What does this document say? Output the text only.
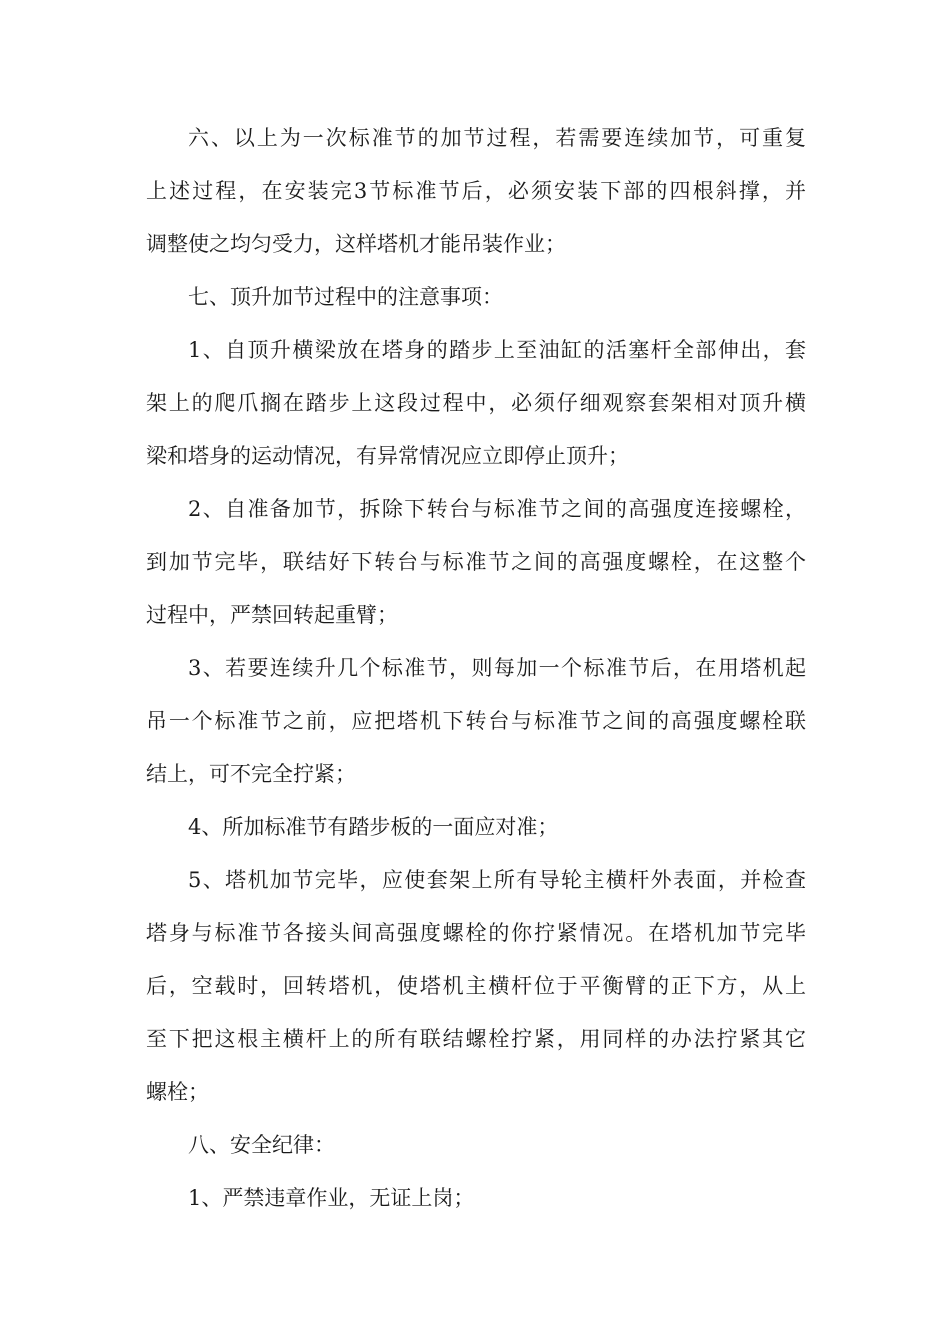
六、以上为一次标准节的加节过程，若需要连续加节，可重复
上述过程，在安装完3节标准节后，必须安装下部的四根斜撑，并
调整使之均匀受力，这样塔机才能吊装作业；
七、顶升加节过程中的注意事项：
1、自顶升横梁放在塔身的踏步上至油缸的活塞杆全部伸出，套
架上的爬爪搁在踏步上这段过程中，必须仔细观察套架相对顶升横
梁和塔身的运动情况，有异常情况应立即停止顶升；
2、自准备加节，拆除下转台与标准节之间的高强度连接螺栓，
到加节完毕，联结好下转台与标准节之间的高强度螺栓，在这整个
过程中，严禁回转起重臂；
3、若要连续升几个标准节，则每加一个标准节后，在用塔机起
吊一个标准节之前，应把塔机下转台与标准节之间的高强度螺栓联
结上，可不完全拧紧；
4、所加标准节有踏步板的一面应对准；
5、塔机加节完毕，应使套架上所有导轮主横杆外表面，并检查
塔身与标准节各接头间高强度螺栓的你拧紧情况。在塔机加节完毕
后，空载时，回转塔机，使塔机主横杆位于平衡臂的正下方，从上
至下把这根主横杆上的所有联结螺栓拧紧，用同样的办法拧紧其它
螺栓；
八、安全纪律：
1、严禁违章作业，无证上岗；
